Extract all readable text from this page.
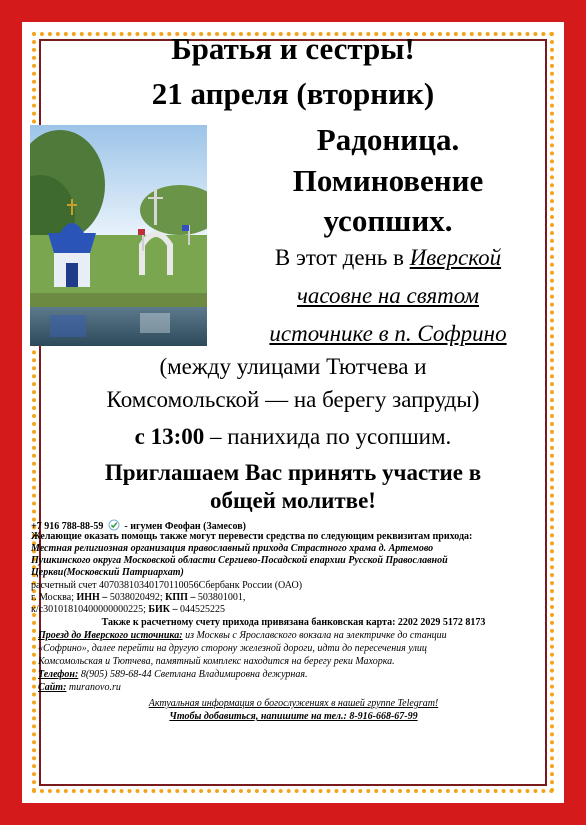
Братья и сестры!
21 апреля (вторник)
Радоница.
Поминовение
усопших.
В этот день в Иверской
часовне на святом
источнике в п. Софрино
(между улицами Тютчева и
Комсомольской — на берегу запруды)
с 13:00 – панихида по усопшим.
Приглашаем Вас принять участие в
общей молитве!
+7 916 788-88-59 - игумен Феофан (Замесов)
Желающие оказать помощь также могут перевести средства по следующим реквизитам прихода:
Местная религиозная организация православный прихода Страстного храма д. Артемово
Пушкинского округа Московской области Сергиево-Посадской епархии Русской Православной
Церкви(Московский Патриархат)
расчетный счет 40703810340170110056Сбербанк России (ОАО)
г. Москва; ИНН – 5038020492; КПП – 503801001,
к/с30101810400000000225; БИК – 044525225
Также к расчетному счету прихода привязана банковская карта: 2202 2029 5172 8173
Проезд до Иверского источника: из Москвы с Ярославского вокзала на электричке до станции
«Софрино», далее перейти на другую сторону железной дороги, идти до пересечения улиц
Комсомольская и Тютчева, памятный комплекс находится на берегу реки Махорка.
Телефон: 8(905) 589-68-44 Светлана Владимировна дежурная.
Сайт: muranovo.ru
Актуальная информация о богослужениях в нашей группе Telegram!
Чтобы добавиться, напишите на тел.: 8-916-668-67-99
